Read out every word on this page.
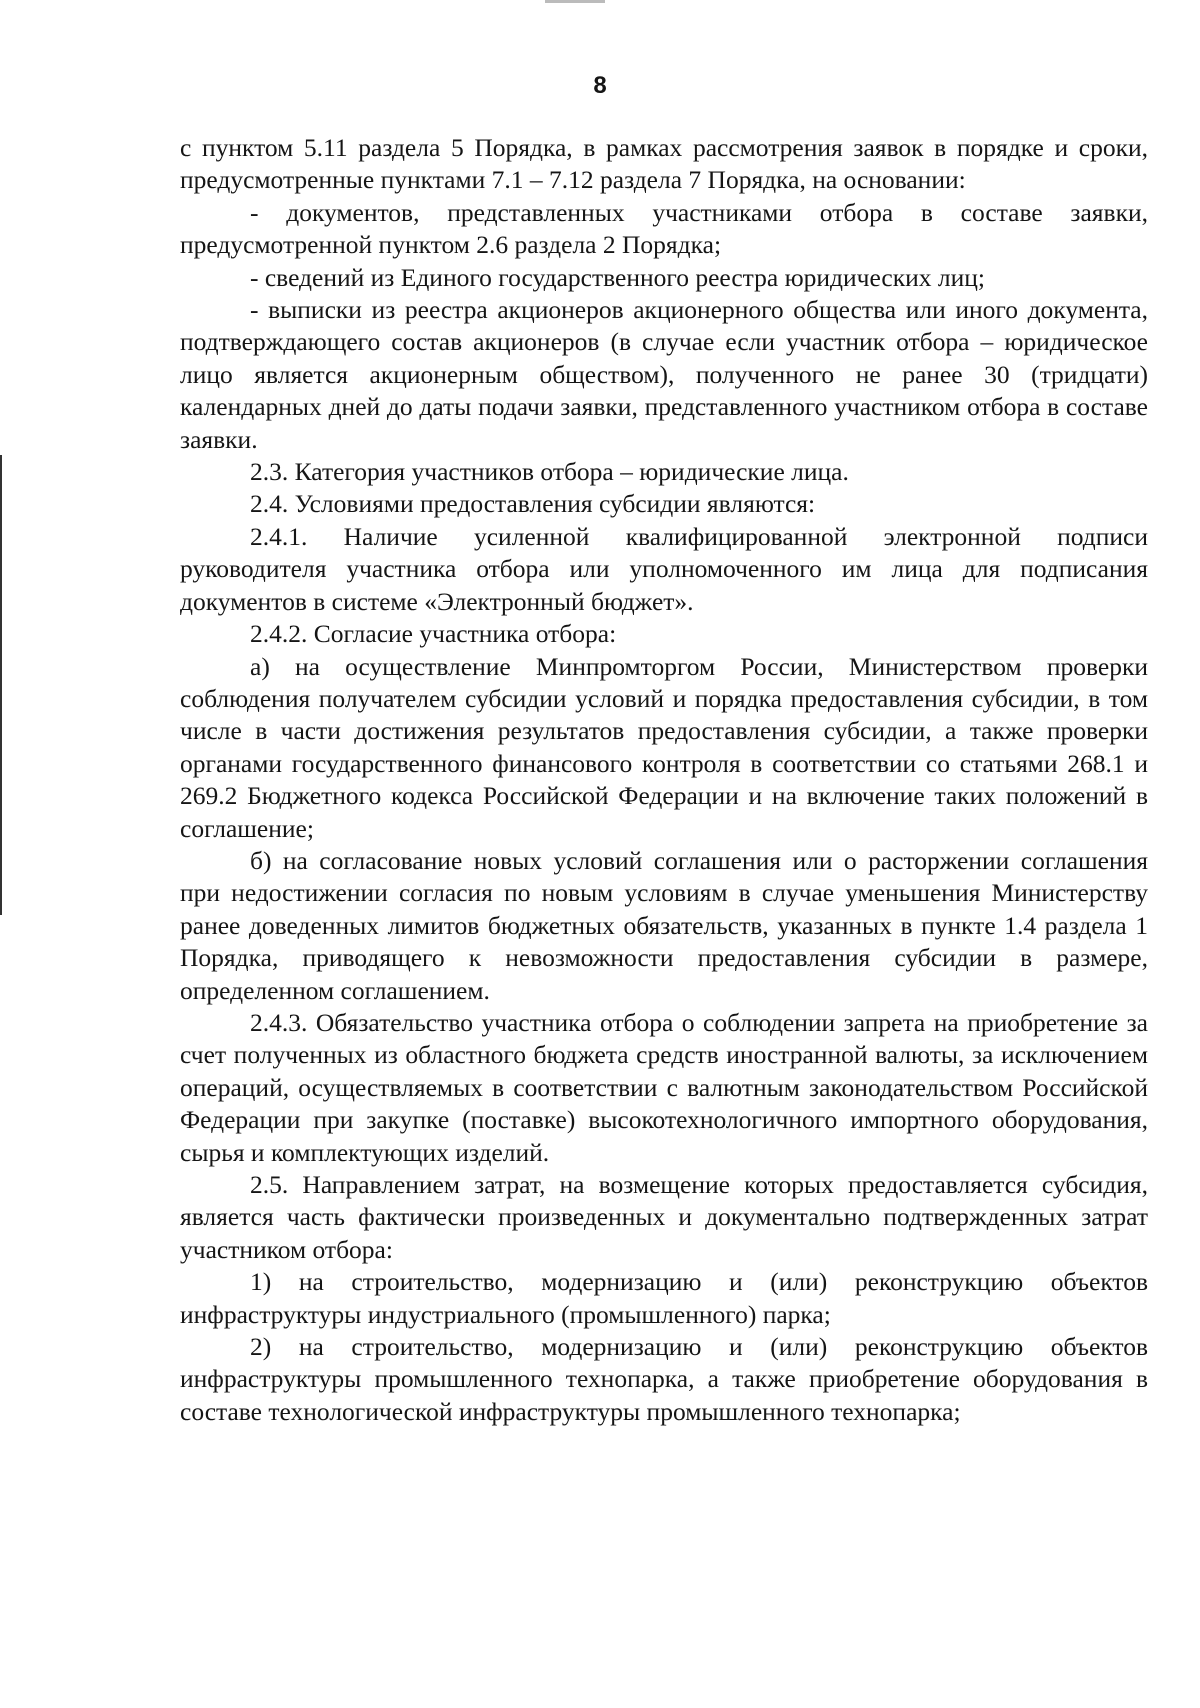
8

с пунктом 5.11 раздела 5 Порядка, в рамках рассмотрения заявок в порядке и сроки, предусмотренные пунктами 7.1 – 7.12 раздела 7 Порядка, на основании:

- документов, представленных участниками отбора в составе заявки, предусмотренной пунктом 2.6 раздела 2 Порядка;

- сведений из Единого государственного реестра юридических лиц;

- выписки из реестра акционеров акционерного общества или иного документа, подтверждающего состав акционеров (в случае если участник отбора – юридическое лицо является акционерным обществом), полученного не ранее 30 (тридцати) календарных дней до даты подачи заявки, представленного участником отбора в составе заявки.

2.3. Категория участников отбора – юридические лица.

2.4. Условиями предоставления субсидии являются:

2.4.1. Наличие усиленной квалифицированной электронной подписи руководителя участника отбора или уполномоченного им лица для подписания документов в системе «Электронный бюджет».

2.4.2. Согласие участника отбора:

а) на осуществление Минпромторгом России, Министерством проверки соблюдения получателем субсидии условий и порядка предоставления субсидии, в том числе в части достижения результатов предоставления субсидии, а также проверки органами государственного финансового контроля в соответствии со статьями 268.1 и 269.2 Бюджетного кодекса Российской Федерации и на включение таких положений в соглашение;

б) на согласование новых условий соглашения или о расторжении соглашения при недостижении согласия по новым условиям в случае уменьшения Министерству ранее доведенных лимитов бюджетных обязательств, указанных в пункте 1.4 раздела 1 Порядка, приводящего к невозможности предоставления субсидии в размере, определенном соглашением.

2.4.3. Обязательство участника отбора о соблюдении запрета на приобретение за счет полученных из областного бюджета средств иностранной валюты, за исключением операций, осуществляемых в соответствии с валютным законодательством Российской Федерации при закупке (поставке) высокотехнологичного импортного оборудования, сырья и комплектующих изделий.

2.5. Направлением затрат, на возмещение которых предоставляется субсидия, является часть фактически произведенных и документально подтвержденных затрат участником отбора:

1) на строительство, модернизацию и (или) реконструкцию объектов инфраструктуры индустриального (промышленного) парка;

2) на строительство, модернизацию и (или) реконструкцию объектов инфраструктуры промышленного технопарка, а также приобретение оборудования в составе технологической инфраструктуры промышленного технопарка;
